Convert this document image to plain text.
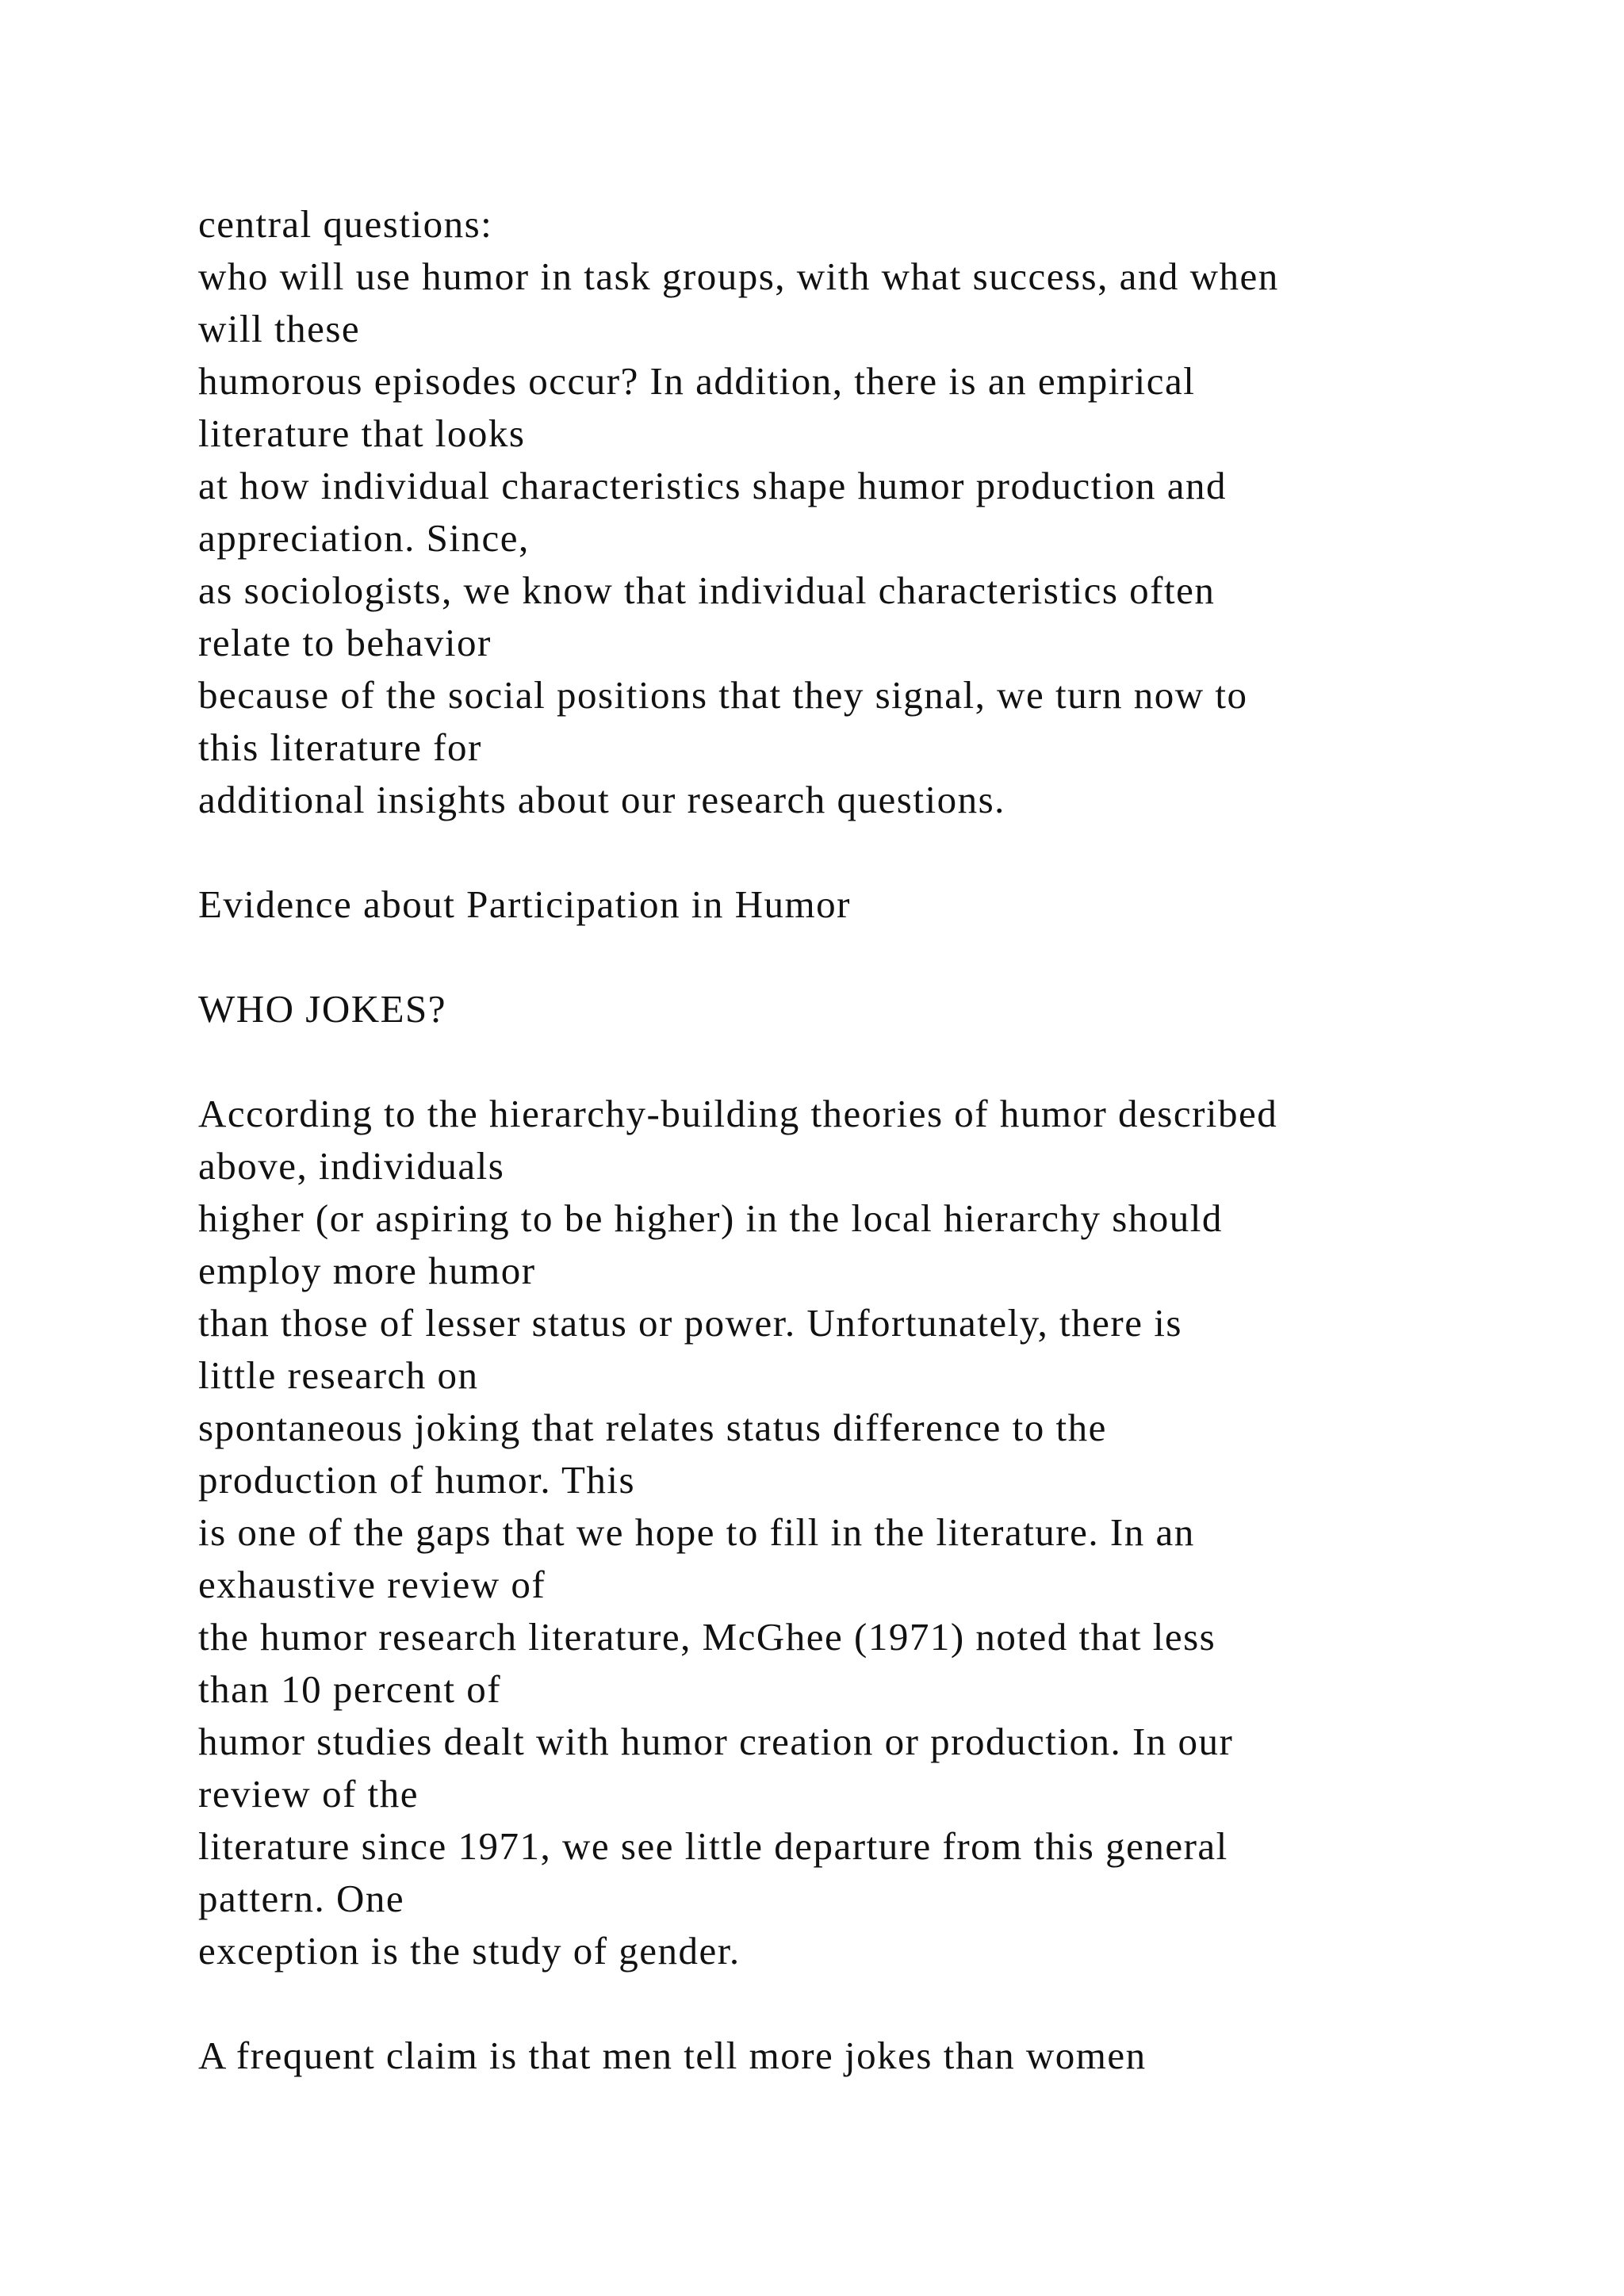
central questions:
who will use humor in task groups, with what success, and when
will these
humorous episodes occur? In addition, there is an empirical
literature that looks
at how individual characteristics shape humor production and
appreciation. Since,
as sociologists, we know that individual characteristics often
relate to behavior
because of the social positions that they signal, we turn now to
this literature for
additional insights about our research questions.
Evidence about Participation in Humor
WHO JOKES?
According to the hierarchy-building theories of humor described
above, individuals
higher (or aspiring to be higher) in the local hierarchy should
employ more humor
than those of lesser status or power. Unfortunately, there is
little research on
spontaneous joking that relates status difference to the
production of humor. This
is one of the gaps that we hope to fill in the literature. In an
exhaustive review of
the humor research literature, McGhee (1971) noted that less
than 10 percent of
humor studies dealt with humor creation or production. In our
review of the
literature since 1971, we see little departure from this general
pattern. One
exception is the study of gender.
A frequent claim is that men tell more jokes than women
